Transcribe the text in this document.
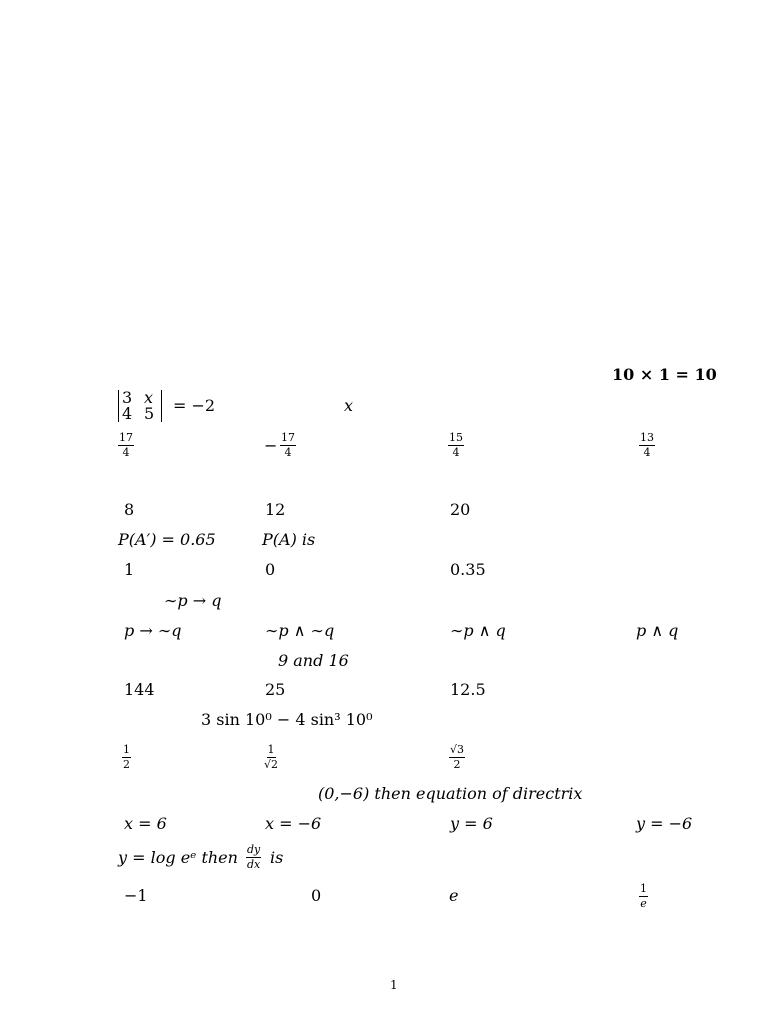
10 × 1 = 10
3 x
4 5 = −2	x
$\frac{17}{4}$	− $\frac{17}{4}$	$\frac{15}{4}$	$\frac{13}{4}$
8	12	20
P(A′) = 0.65	P(A) is
1	0	0.35
∼p → q
p → ∼q	∼p ∧ ∼q	∼p ∧ q	p ∧ q
9 and 16
144	25	12.5
3 sin 10⁰ − 4 sin³ 10⁰
$\frac{1}{2}$	$\frac{1}{√2}$	$\frac{√3}{2}$
(0,−6) then equation of directrix
x = 6	x = −6	y = 6	y = −6
y = log eᵉ then $\frac{dy}{dx}$ is
−1	0	e	$\frac{1}{e}$
1
